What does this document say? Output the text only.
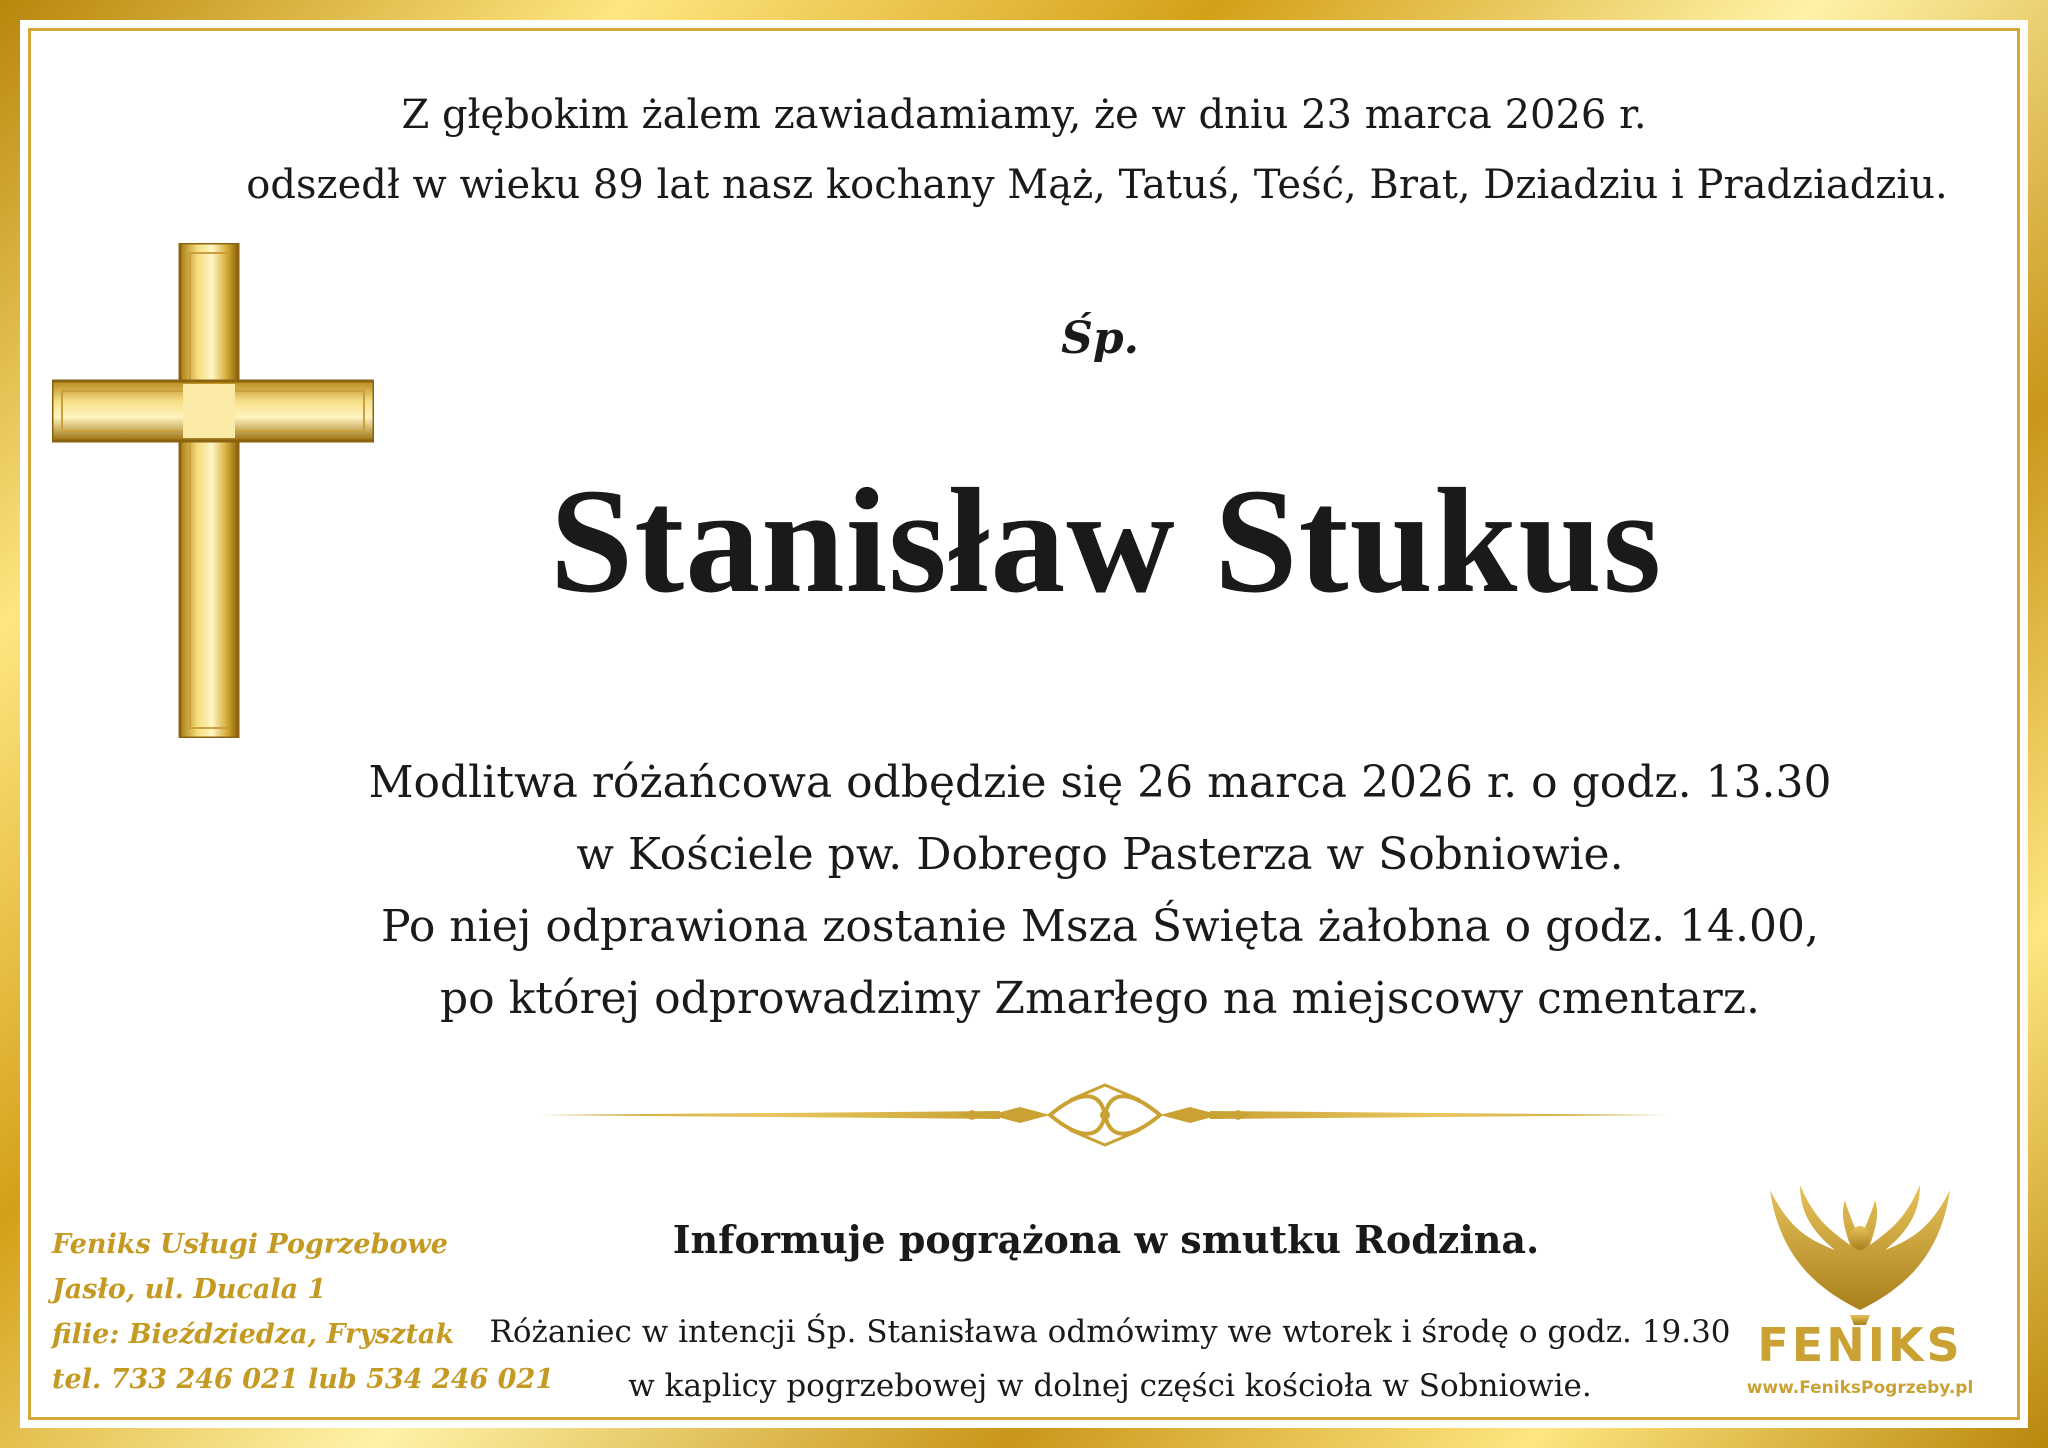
Z głębokim żalem zawiadamiamy, że w dniu 23 marca 2026 r.
odszedł w wieku 89 lat nasz kochany Mąż, Tatuś, Teść, Brat, Dziadziu i Pradziadziu.
Śp.
Stanisław Stukus
Modlitwa różańcowa odbędzie się 26 marca 2026 r. o godz. 13.30
w Kościele pw. Dobrego Pasterza w Sobniowie.
Po niej odprawiona zostanie Msza Święta żałobna o godz. 14.00,
po której odprowadzimy Zmarłego na miejscowy cmentarz.
Informuje pogrążona w smutku Rodzina.
Różaniec w intencji Śp. Stanisława odmówimy we wtorek i środę o godz. 19.30
w kaplicy pogrzebowej w dolnej części kościoła w Sobniowie.
Feniks Usługi Pogrzebowe
Jasło, ul. Ducala 1
filie: Bieździedza, Frysztak
tel. 733 246 021 lub 534 246 021
FENIKS
www.FeniksPogrzeby.pl
